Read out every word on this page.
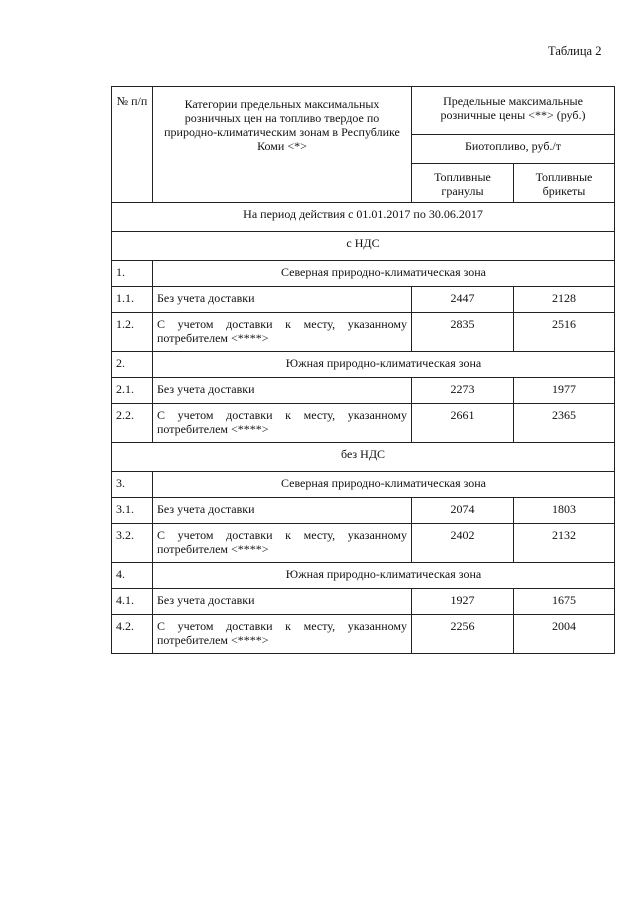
Таблица 2
№ п/п	Категории предельных максимальных розничных цен на топливо твердое по природно-климатическим зонам в Республике Коми <*>	Предельные максимальные розничные цены <**> (руб.)	
		Биотопливо, руб./т	
		Топливные гранулы	Топливные брикеты
На период действия с 01.01.2017 по 30.06.2017			
с НДС			
1.	Северная природно-климатическая зона		
1.1.	Без учета доставки	2447	2128
1.2.	С учетом доставки к месту, указанному потребителем <****>	2835	2516
2.	Южная природно-климатическая зона		
2.1.	Без учета доставки	2273	1977
2.2.	С учетом доставки к месту, указанному потребителем <****>	2661	2365
без НДС			
3.	Северная природно-климатическая зона		
3.1.	Без учета доставки	2074	1803
3.2.	С учетом доставки к месту, указанному потребителем <****>	2402	2132
4.	Южная природно-климатическая зона		
4.1.	Без учета доставки	1927	1675
4.2.	С учетом доставки к месту, указанному потребителем <****>	2256	2004
